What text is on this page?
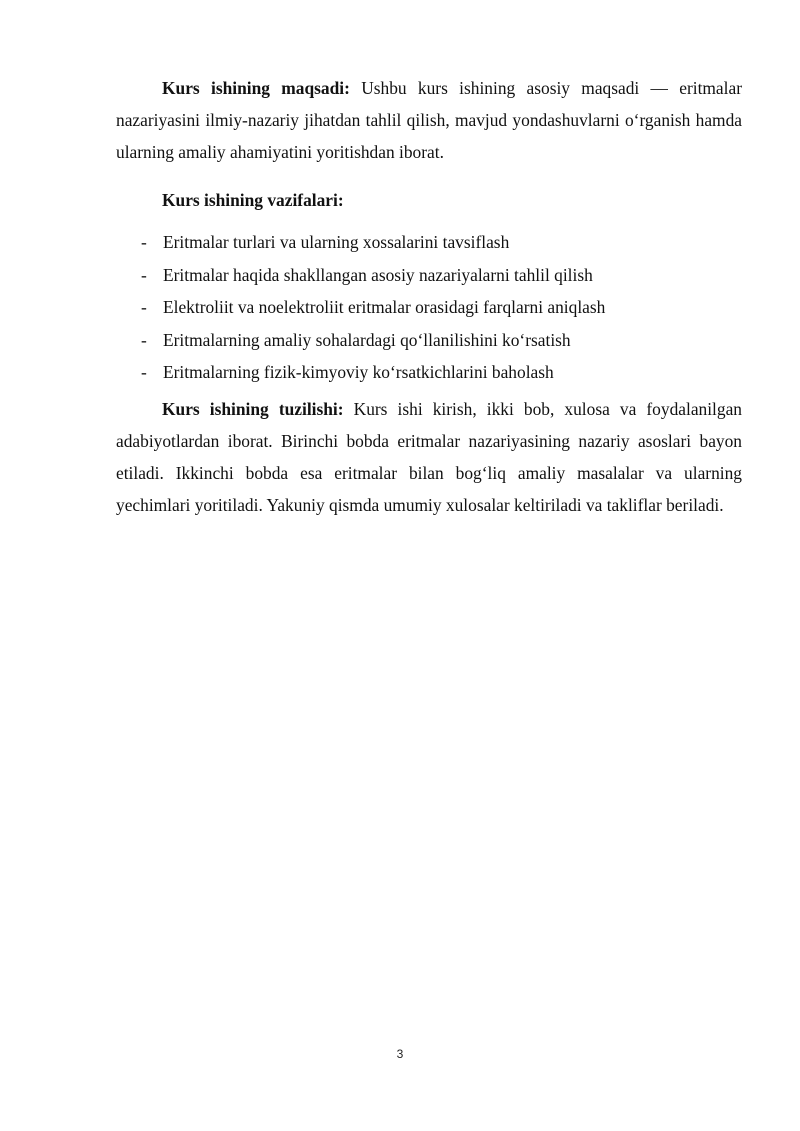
Kurs ishining maqsadi: Ushbu kurs ishining asosiy maqsadi — eritmalar nazariyasini ilmiy-nazariy jihatdan tahlil qilish, mavjud yondashuvlarni o‘rganish hamda ularning amaliy ahamiyatini yoritishdan iborat.

Kurs ishining vazifalari:

- Eritmalar turlari va ularning xossalarini tavsiflash
- Eritmalar haqida shakllangan asosiy nazariyalarni tahlil qilish
- Elektroliit va noelektroliit eritmalar orasidagi farqlarni aniqlash
- Eritmalarning amaliy sohalardagi qo‘llanilishini ko‘rsatish
- Eritmalarning fizik-kimyoviy ko‘rsatkichlarini baholash

Kurs ishining tuzilishi: Kurs ishi kirish, ikki bob, xulosa va foydalanilgan adabiyotlardan iborat. Birinchi bobda eritmalar nazariyasining nazariy asoslari bayon etiladi. Ikkinchi bobda esa eritmalar bilan bog‘liq amaliy masalalar va ularning yechimlari yoritiladi. Yakuniy qismda umumiy xulosalar keltiriladi va takliflar beriladi.

3
